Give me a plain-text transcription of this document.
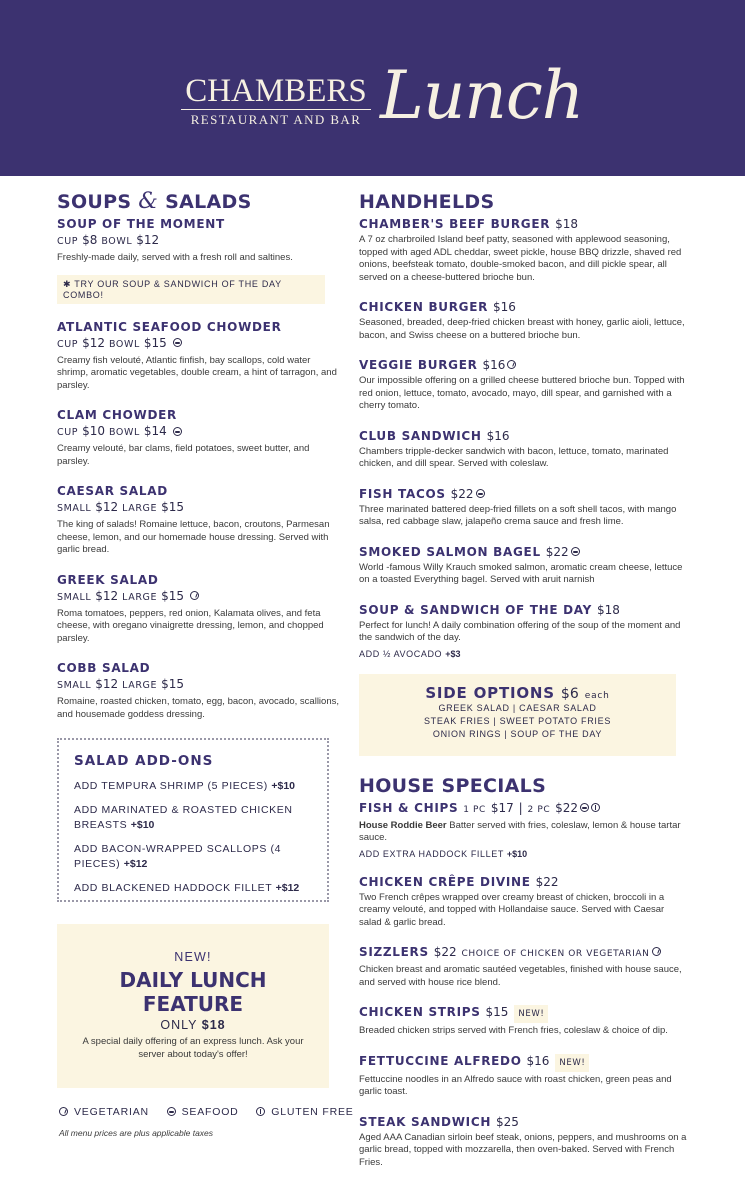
CHAMBERS
RESTAURANT AND BAR Lunch
SOUPS & SALADS
SOUP OF THE MOMENT
CUP $8 BOWL $12
Freshly-made daily, served with a fresh roll and saltines.
✱ TRY OUR SOUP & SANDWICH OF THE DAY COMBO!
ATLANTIC SEAFOOD CHOWDER
CUP $12 BOWL $15
Creamy fish velouté, Atlantic finfish, bay scallops, cold water shrimp, aromatic vegetables, double cream, a hint of tarragon, and parsley.
CLAM CHOWDER
CUP $10 BOWL $14
Creamy velouté, bar clams, field potatoes, sweet butter, and parsley.
CAESAR SALAD
SMALL $12 LARGE $15
The king of salads! Romaine lettuce, bacon, croutons, Parmesan cheese, lemon, and our homemade house dressing. Served with garlic bread.
GREEK SALAD
SMALL $12 LARGE $15
Roma tomatoes, peppers, red onion, Kalamata olives, and feta cheese, with oregano vinaigrette dressing, lemon, and chopped parsley.
COBB SALAD
SMALL $12 LARGE $15
Romaine, roasted chicken, tomato, egg, bacon, avocado, scallions, and housemade goddess dressing.
SALAD ADD-ONS
ADD TEMPURA SHRIMP (5 PIECES) +$10
ADD MARINATED & ROASTED CHICKEN BREASTS +$10
ADD BACON-WRAPPED SCALLOPS (4 PIECES) +$12
ADD BLACKENED HADDOCK FILLET +$12
NEW!
DAILY LUNCH
FEATURE
ONLY $18
A special daily offering of an express lunch. Ask your server about today's offer!
VEGETARIAN	SEAFOOD	GLUTEN FREE
All menu prices are plus applicable taxes
HANDHELDS
CHAMBER'S BEEF BURGER $18
A 7 oz charbroiled Island beef patty, seasoned with applewood seasoning, topped with aged ADL cheddar, sweet pickle, house BBQ drizzle, shaved red onions, beefsteak tomato, double-smoked bacon, and dill pickle spear, all served on a cheese-buttered brioche bun.
CHICKEN BURGER $16
Seasoned, breaded, deep-fried chicken breast with honey, garlic aioli, lettuce, bacon, and Swiss cheese on a buttered brioche bun.
VEGGIE BURGER $16
Our impossible offering on a grilled cheese buttered brioche bun. Topped with red onion, lettuce, tomato, avocado, mayo, dill spear, and garnished with a cherry tomato.
CLUB SANDWICH $16
Chambers tripple-decker sandwich with bacon, lettuce, tomato, marinated chicken, and dill spear. Served with coleslaw.
FISH TACOS $22
Three marinated battered deep-fried fillets on a soft shell tacos, with mango salsa, red cabbage slaw, jalapeño crema sauce and fresh lime.
SMOKED SALMON BAGEL $22
World -famous Willy Krauch smoked salmon, aromatic cream cheese, lettuce on a toasted Everything bagel. Served with aruit narnish
SOUP & SANDWICH OF THE DAY $18
Perfect for lunch! A daily combination offering of the soup of the moment and the sandwich of the day.
ADD ½ AVOCADO +$3
SIDE OPTIONS $6 each
GREEK SALAD | CAESAR SALAD
STEAK FRIES | SWEET POTATO FRIES
ONION RINGS | SOUP OF THE DAY
HOUSE SPECIALS
FISH & CHIPS 1 PC $17 | 2 PC $22
House Roddie Beer Batter served with fries, coleslaw, lemon & house tartar sauce.
ADD EXTRA HADDOCK FILLET +$10
CHICKEN CRÊPE DIVINE $22
Two French crêpes wrapped over creamy breast of chicken, broccoli in a creamy velouté, and topped with Hollandaise sauce. Served with Caesar salad & garlic bread.
SIZZLERS $22 CHOICE OF CHICKEN OR VEGETARIAN
Chicken breast and aromatic sautéed vegetables, finished with house sauce, and served with house rice blend.
CHICKEN STRIPS $15 NEW!
Breaded chicken strips served with French fries, coleslaw & choice of dip.
FETTUCCINE ALFREDO $16 NEW!
Fettuccine noodles in an Alfredo sauce with roast chicken, green peas and garlic toast.
STEAK SANDWICH $25
Aged AAA Canadian sirloin beef steak, onions, peppers, and mushrooms on a garlic bread, topped with mozzarella, then oven-baked. Served with French Fries.
